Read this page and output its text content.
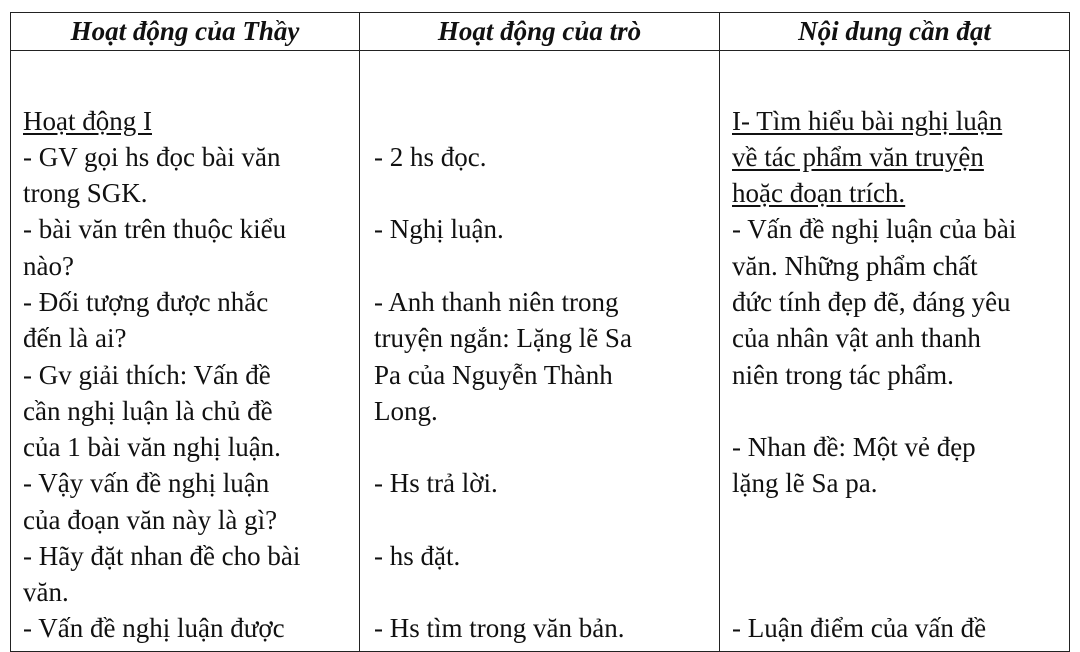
Hoạt động của Thầy	Hoạt động của trò	Nội dung cần đạt
Hoạt động I
- GV gọi hs đọc bài văn
trong SGK.
- bài văn trên thuộc kiểu
nào?
- Đối tượng được nhắc
đến là ai?
- Gv giải thích: Vấn đề
cần nghị luận là chủ đề
của 1 bài văn nghị luận.
- Vậy vấn đề nghị luận
của đoạn văn này là gì?
- Hãy đặt nhan đề cho bài
văn.
- Vấn đề nghị luận được
- 2 hs đọc.
- Nghị luận.
- Anh thanh niên trong
truyện ngắn: Lặng lẽ Sa
Pa của Nguyễn Thành
Long.
- Hs trả lời.
- hs đặt.
- Hs tìm trong văn bản.
I- Tìm hiểu bài nghị luận
về tác phẩm văn truyện
hoặc đoạn trích.
- Vấn đề nghị luận của bài
văn. Những phẩm chất
đức tính đẹp đẽ, đáng yêu
của nhân vật anh thanh
niên trong tác phẩm.
- Nhan đề: Một vẻ đẹp
lặng lẽ Sa pa.
- Luận điểm của vấn đề
